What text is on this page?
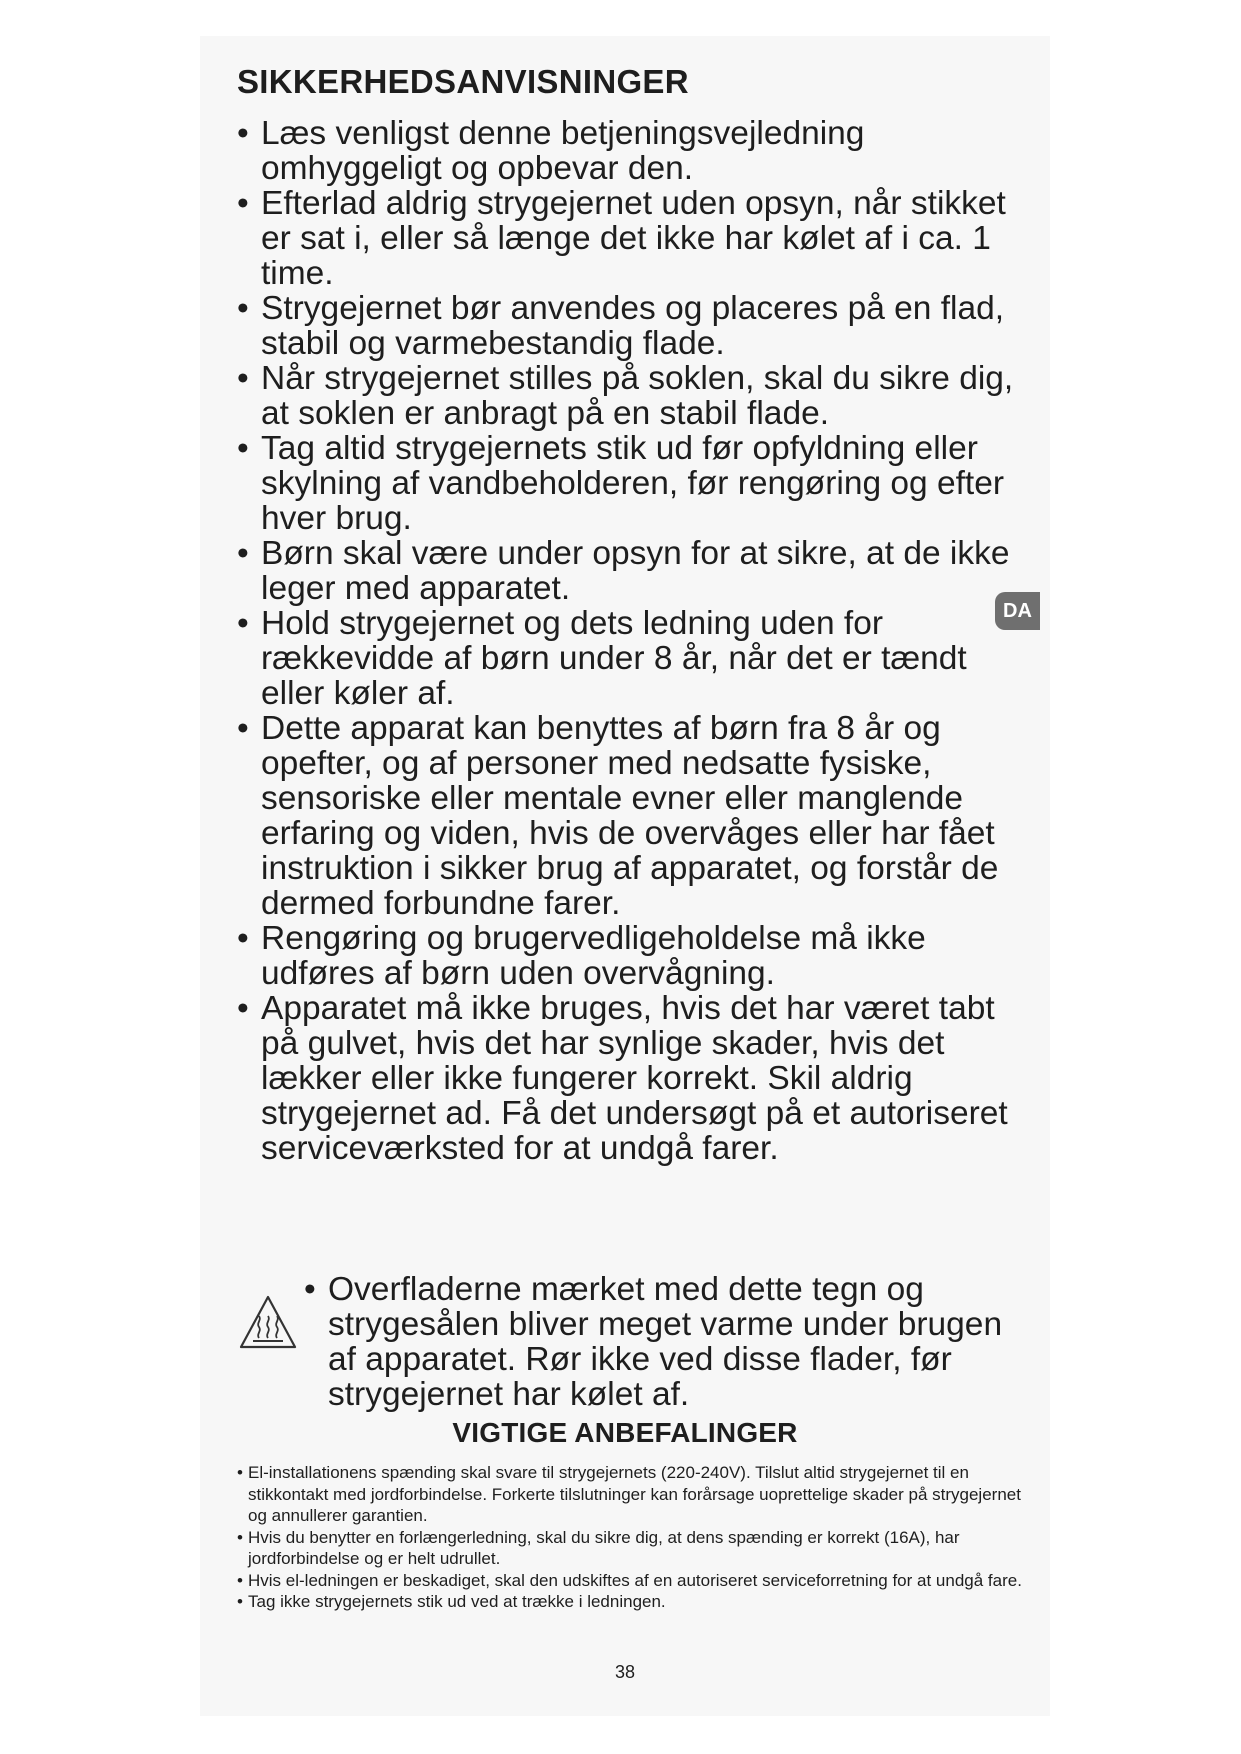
SIKKERHEDSANVISNINGER
• Læs venligst denne betjeningsvejledning omhyggeligt og opbevar den.
• Efterlad aldrig strygejernet uden opsyn, når stikket er sat i, eller så længe det ikke har kølet af i ca. 1 time.
• Strygejernet bør anvendes og placeres på en flad, stabil og varmebestandig flade.
• Når strygejernet stilles på soklen, skal du sikre dig, at soklen er anbragt på en stabil flade.
• Tag altid strygejernets stik ud før opfyldning eller skylning af vandbeholderen, før rengøring og efter hver brug.
• Børn skal være under opsyn for at sikre, at de ikke leger med apparatet.
• Hold strygejernet og dets ledning uden for rækkevidde af børn under 8 år, når det er tændt eller køler af.
• Dette apparat kan benyttes af børn fra 8 år og opefter, og af personer med nedsatte fysiske, sensoriske eller mentale evner eller manglende erfaring og viden, hvis de overvåges eller har fået instruktion i sikker brug af apparatet, og forstår de dermed forbundne farer.
• Rengøring og brugervedligeholdelse må ikke udføres af børn uden overvågning.
• Apparatet må ikke bruges, hvis det har været tabt på gulvet, hvis det har synlige skader, hvis det lækker eller ikke fungerer korrekt. Skil aldrig strygejernet ad. Få det undersøgt på et autoriseret serviceværksted for at undgå farer.
• Overfladerne mærket med dette tegn og strygesålen bliver meget varme under brugen af apparatet. Rør ikke ved disse flader, før strygejernet har kølet af.
VIGTIGE ANBEFALINGER
• El-installationens spænding skal svare til strygejernets (220-240V). Tilslut altid strygejernet til en stikkontakt med jordforbindelse. Forkerte tilslutninger kan forårsage uoprettelige skader på strygejernet og annullerer garantien.
• Hvis du benytter en forlængerledning, skal du sikre dig, at dens spænding er korrekt (16A), har jordforbindelse og er helt udrullet.
• Hvis el-ledningen er beskadiget, skal den udskiftes af en autoriseret serviceforretning for at undgå fare.
• Tag ikke strygejernets stik ud ved at trække i ledningen.
DA
38
